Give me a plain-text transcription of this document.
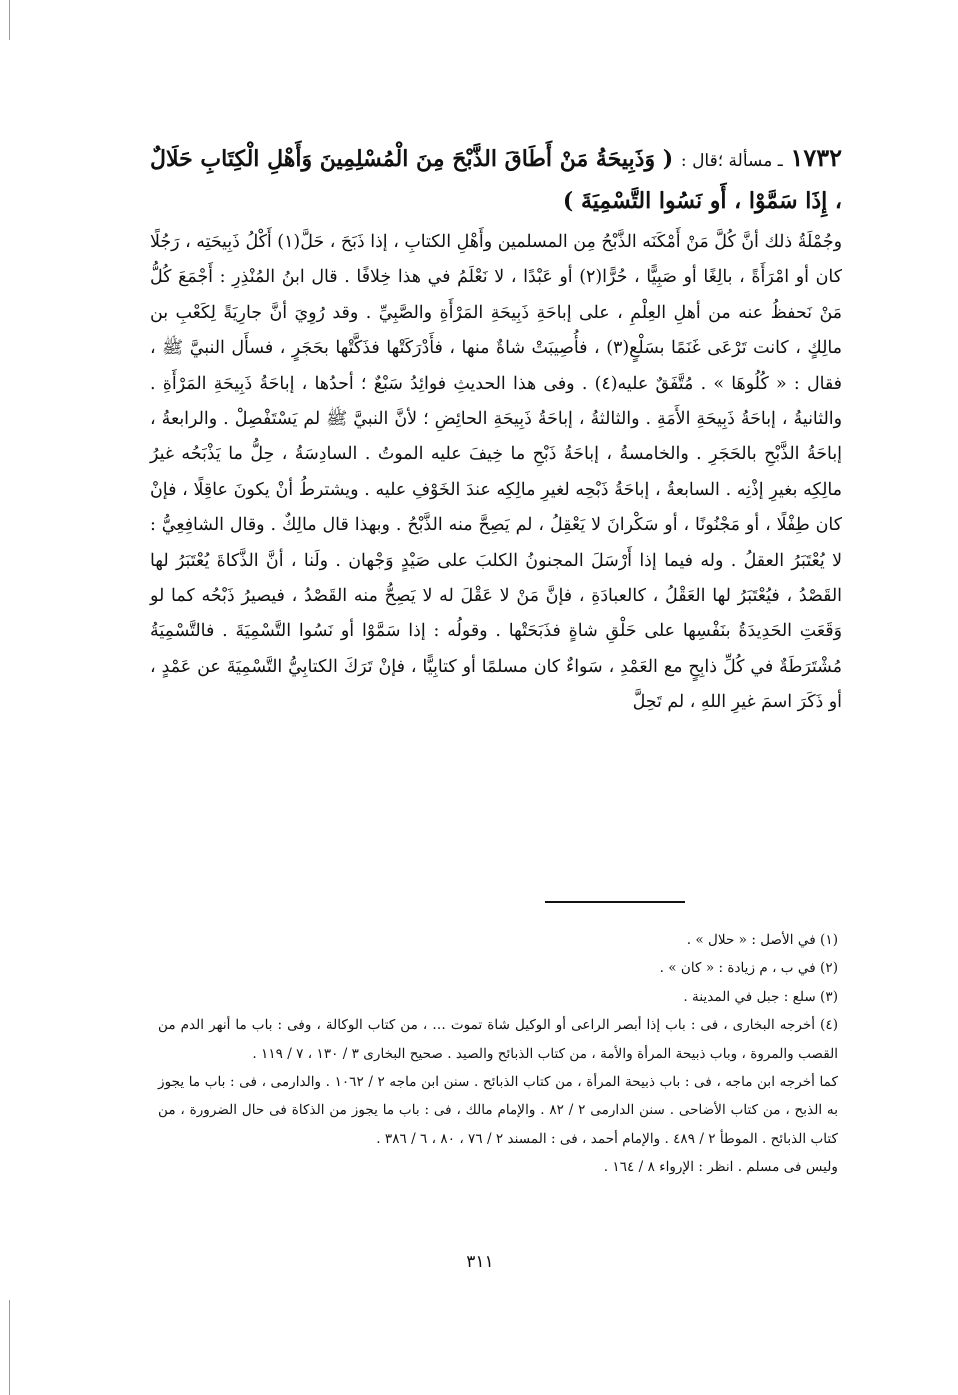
١٧٣٢ ـ مسألة ؛قال : ( وَذَبِيحَةُ مَنْ أَطَاقَ الذَّبْحَ مِنَ الْمُسْلِمِينَ وَأَهْلِ الْكِتَابِ حَلَالٌ ، إِذَا سَمَّوْا ، أَو نَسُوا التَّسْمِيَةَ )

وجُمْلَةُ ذلك أنَّ كُلَّ مَنْ أَمْكَنَه الذَّبْحُ مِن المسلمين وأَهْلِ الكتابِ ، إذا ذَبَحَ ، حَلَّ(١) أَكْلُ ذَبِيحَتِه ، رَجُلًا كان أو امْرَأَةً ، بالِغًا أو صَبِيًّا ، حُرًّا(٢) أو عَبْدًا ، لا نَعْلَمُ في هذا خِلافًا . قال ابنُ المُنْذِرِ : أَجْمَعَ كُلُّ مَنْ نَحفظُ عنه من أهلِ العِلْمِ ، على إباحَةِ ذَبِيحَةِ المَرْأَةِ والصَّبِيِّ . وقد رُوِيَ أنَّ جارِيَةً لِكَعْبِ بن مالِكٍ ، كانت تَرْعَى غَنَمًا بسَلْعٍ(٣) ، فأُصِيبَتْ شاةٌ منها ، فأَدْرَكَتْها فذَكَّتْها بحَجَرٍ ، فسأَل النبيَّ ﷺ ، فقال : « كُلُوهَا » . مُتَّفَقٌ عليه(٤) . وفى هذا الحديثِ فوائِدُ سَبْعٌ ؛ أحدُها ، إباحَةُ ذَبِيحَةِ المَرْأَةِ . والثانيةُ ، إباحَةُ ذَبِيحَةِ الأَمَةِ . والثالثةُ ، إباحَةُ ذَبِيحَةِ الحائِضِ ؛ لأنَّ النبيَّ ﷺ لم يَسْتَفْصِلْ . والرابعةُ ، إباحَةُ الذَّبْحِ بالحَجَرِ . والخامسةُ ، إباحَةُ ذَبْحِ ما خِيفَ عليه الموتُ . السادِسَةُ ، حِلُّ ما يَذْبَحُه غيرُ مالِكِه بغيرِ إذْنِه . السابعةُ ، إباحَةُ ذَبْحِه لغيرِ مالِكِه عندَ الخَوْفِ عليه . ويشترطُ أنْ يكونَ عاقِلًا ، فإنْ كان طِفْلًا ، أو مَجْنُونًا ، أو سَكْرانَ لا يَعْقِلُ ، لم يَصِحَّ منه الذَّبْحُ . وبهذا قال مالِكٌ . وقال الشافِعِيُّ : لا يُعْتَبَرُ العقلُ . وله فيما إذا أَرْسَلَ المجنونُ الكلبَ على صَيْدٍ وَجْهان . ولَنا ، أنَّ الذَّكاةَ يُعْتَبَرُ لها القَصْدُ ، فيُعْتَبَرُ لها العَقْلُ ، كالعبادَةِ ، فإنَّ مَنْ لا عَقْلَ له لا يَصِحُّ منه القَصْدُ ، فيصيرُ ذَبْحُه كما لو وَقَعَتِ الحَدِيدَةُ بنَفْسِها على حَلْقِ شاةٍ فذَبَحَتْها . وقولُه : إذا سَمَّوْا أو نَسُوا التَّسْمِيَةَ . فالتَّسْمِيَةُ مُشْتَرَطَةٌ في كُلِّ ذابِحٍ مع العَمْدِ ، سَواءٌ كان مسلمًا أو كتابِيًّا ، فإنْ تَرَكَ الكتابِيُّ التَّسْمِيَةَ عن عَمْدٍ ، أو ذَكَرَ اسمَ غيرِ اللهِ ، لم تَحِلَّ

(١) في الأصل : « حلال » .

(٢) في ب ، م زيادة : « كان » .

(٣) سلع : جبل في المدينة .

(٤) أخرجه البخارى ، فى : باب إذا أبصر الراعى أو الوكيل شاة تموت … ، من كتاب الوكالة ، وفى : باب ما أنهر الدم من القصب والمروة ، وباب ذبيحة المرأة والأمة ، من كتاب الذبائح والصيد . صحيح البخارى ٣ / ١٣٠ ، ٧ / ١١٩ .

كما أخرجه ابن ماجه ، فى : باب ذبيحة المرأة ، من كتاب الذبائح . سنن ابن ماجه ٢ / ١٠٦٢ . والدارمى ، فى : باب ما يجوز به الذبح ، من كتاب الأضاحى . سنن الدارمى ٢ / ٨٢ . والإمام مالك ، فى : باب ما يجوز من الذكاة فى حال الضرورة ، من كتاب الذبائح . الموطأ ٢ / ٤٨٩ . والإمام أحمد ، فى : المسند ٢ / ٧٦ ، ٨٠ ، ٦ / ٣٨٦ .

وليس فى مسلم . انظر : الإرواء ٨ / ١٦٤ .

٣١١
